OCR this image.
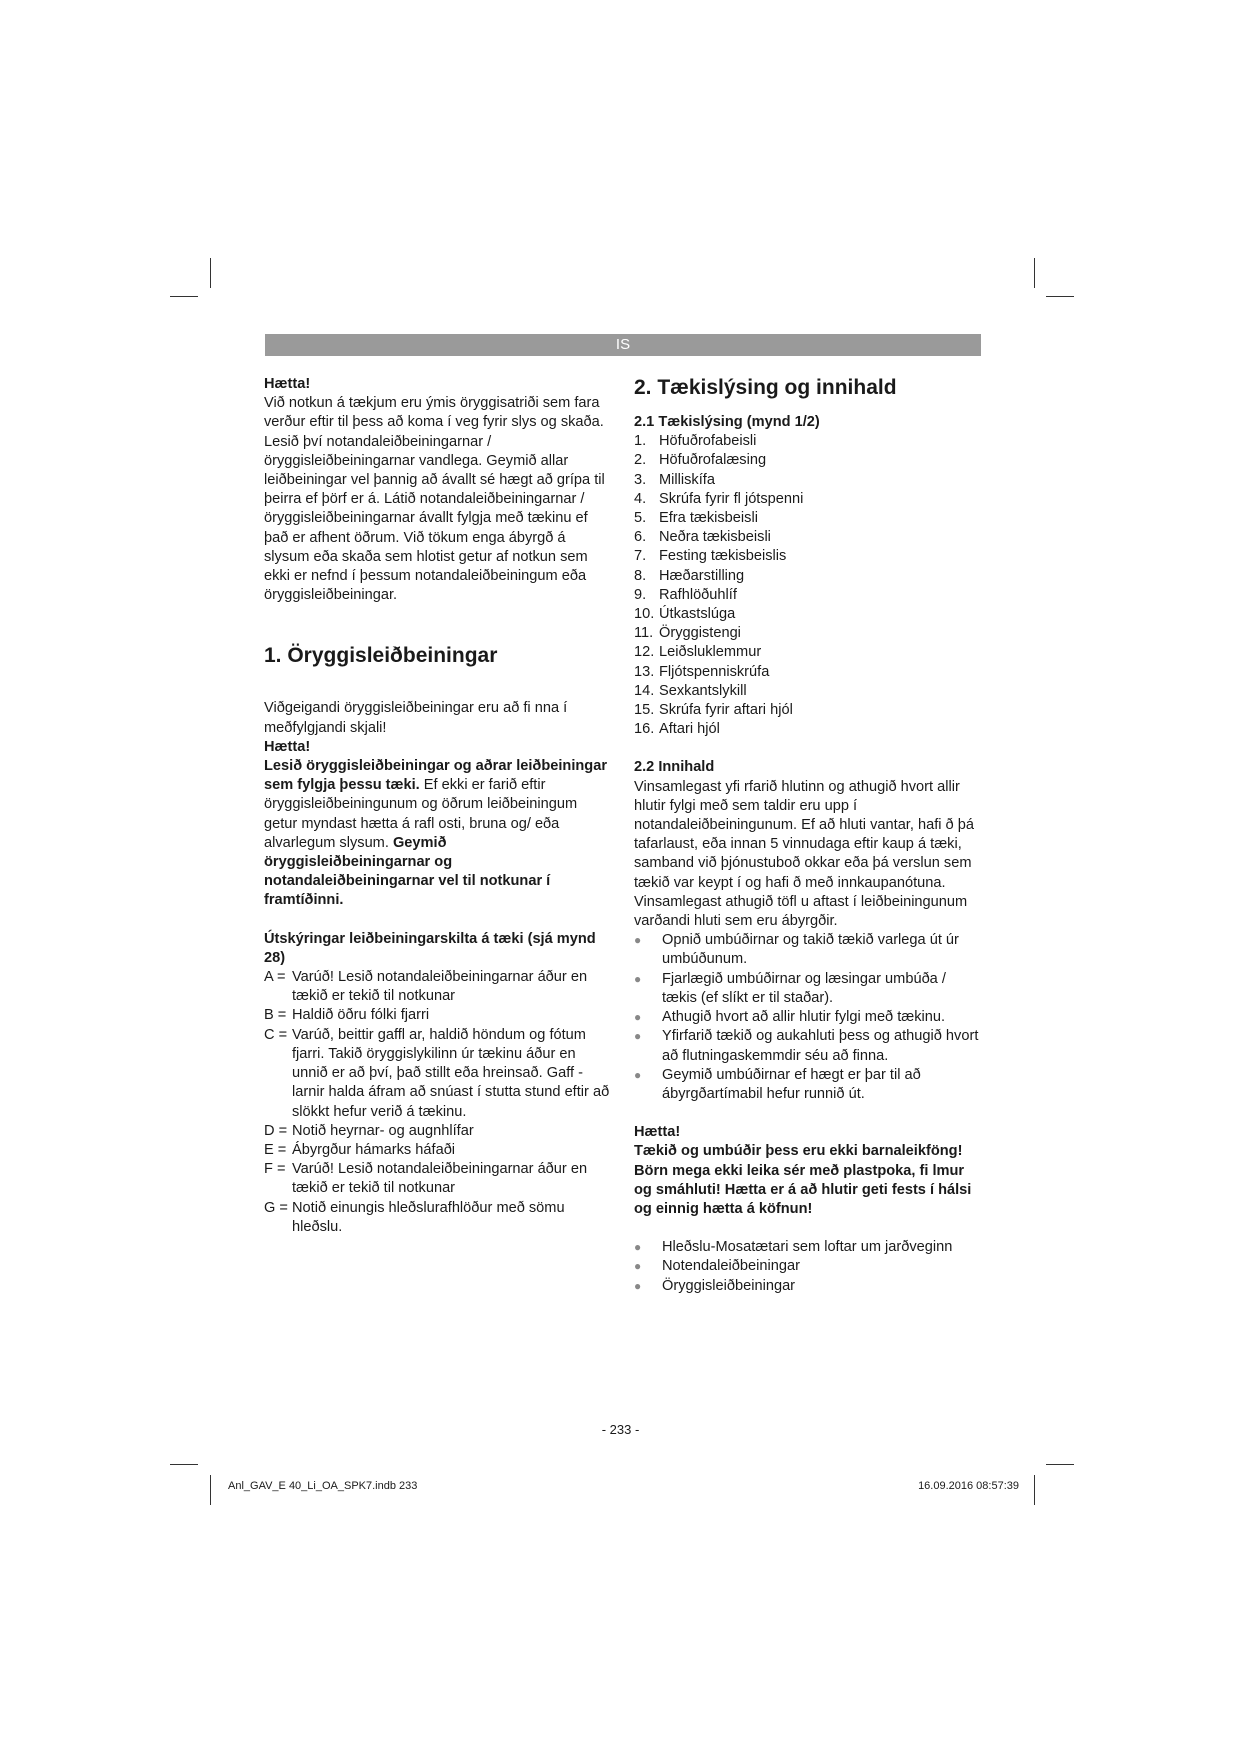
IS

Hætta!

Við notkun á tækjum eru ýmis öryggisatriði sem fara verður eftir til þess að koma í veg fyrir slys og skaða. Lesið því notandaleiðbeiningarnar / öryggisleiðbeiningarnar vandlega. Geymið allar leiðbeiningar vel þannig að ávallt sé hægt að grípa til þeirra ef þörf er á. Látið notandaleiðbeiningarnar / öryggisleiðbeiningarnar ávallt fylgja með tækinu ef það er afhent öðrum. Við tökum enga ábyrgð á slysum eða skaða sem hlotist getur af notkun sem ekki er nefnd í þessum notandaleiðbeiningum eða öryggisleiðbeiningar.

1. Öryggisleiðbeiningar

Viðgeigandi öryggisleiðbeiningar eru að fi nna í meðfylgjandi skjali!

Hætta!

Lesið öryggisleiðbeiningar og aðrar leiðbeiningar sem fylgja þessu tæki. Ef ekki er farið eftir öryggisleiðbeiningunum og öðrum leiðbeiningum getur myndast hætta á rafl osti, bruna og/ eða alvarlegum slysum. Geymið öryggisleiðbeiningarnar og notandaleiðbeiningarnar vel til notkunar í framtíðinni.

Útskýringar leiðbeiningarskilta á tæki (sjá mynd 28)

A = Varúð! Lesið notandaleiðbeiningarnar áður en tækið er tekið til notkunar
B = Haldið öðru fólki fjarri
C = Varúð, beittir gaffl ar, haldið höndum og fótum fjarri. Takið öryggislykilinn úr tækinu áður en unnið er að því, það stillt eða hreinsað. Gaff -larnir halda áfram að snúast í stutta stund eftir að slökkt hefur verið á tækinu.
D = Notið heyrnar- og augnhlífar
E = Ábyrgður hámarks háfaði
F = Varúð! Lesið notandaleiðbeiningarnar áður en tækið er tekið til notkunar
G = Notið einungis hleðslurafhlöður með sömu hleðslu.

2. Tækislýsing og innihald

2.1 Tækislýsing (mynd 1/2)

1. Höfuðrofabeisli
2. Höfuðrofalæsing
3. Milliskífa
4. Skrúfa fyrir fl jótspenni
5. Efra tækisbeisli
6. Neðra tækisbeisli
7. Festing tækisbeislis
8. Hæðarstilling
9. Rafhlöðuhlíf
10. Útkastslúga
11. Öryggistengi
12. Leiðsluklemmur
13. Fljótspenniskrúfa
14. Sexkantslykill
15. Skrúfa fyrir aftari hjól
16. Aftari hjól

2.2 Innihald

Vinsamlegast yfi rfarið hlutinn og athugið hvort allir hlutir fylgi með sem taldir eru upp í notandaleiðbeiningunum. Ef að hluti vantar, hafi ð þá tafarlaust, eða innan 5 vinnudaga eftir kaup á tæki, samband við þjónustuboð okkar eða þá verslun sem tækið var keypt í og hafi ð með innkaupanótuna. Vinsamlegast athugið töfl u aftast í leiðbeiningunum varðandi hluti sem eru ábyrgðir.

●	Opnið umbúðirnar og takið tækið varlega út úr umbúðunum.
●	Fjarlægið umbúðirnar og læsingar umbúða / tækis (ef slíkt er til staðar).
●	Athugið hvort að allir hlutir fylgi með tækinu.
●	Yfirfarið tækið og aukahluti þess og athugið hvort að flutningaskemmdir séu að finna.
●	Geymið umbúðirnar ef hægt er þar til að ábyrgðartímabil hefur runnið út.

Hætta!

Tækið og umbúðir þess eru ekki barnaleikföng! Börn mega ekki leika sér með plastpoka, fi lmur og smáhluti! Hætta er á að hlutir geti fests í hálsi og einnig hætta á köfnun!

●	Hleðslu-Mosatætari sem loftar um jarðveginn
●	Notendaleiðbeiningar
●	Öryggisleiðbeiningar
- 233 -
Anl_GAV_E 40_Li_OA_SPK7.indb 233	16.09.2016 08:57:39
